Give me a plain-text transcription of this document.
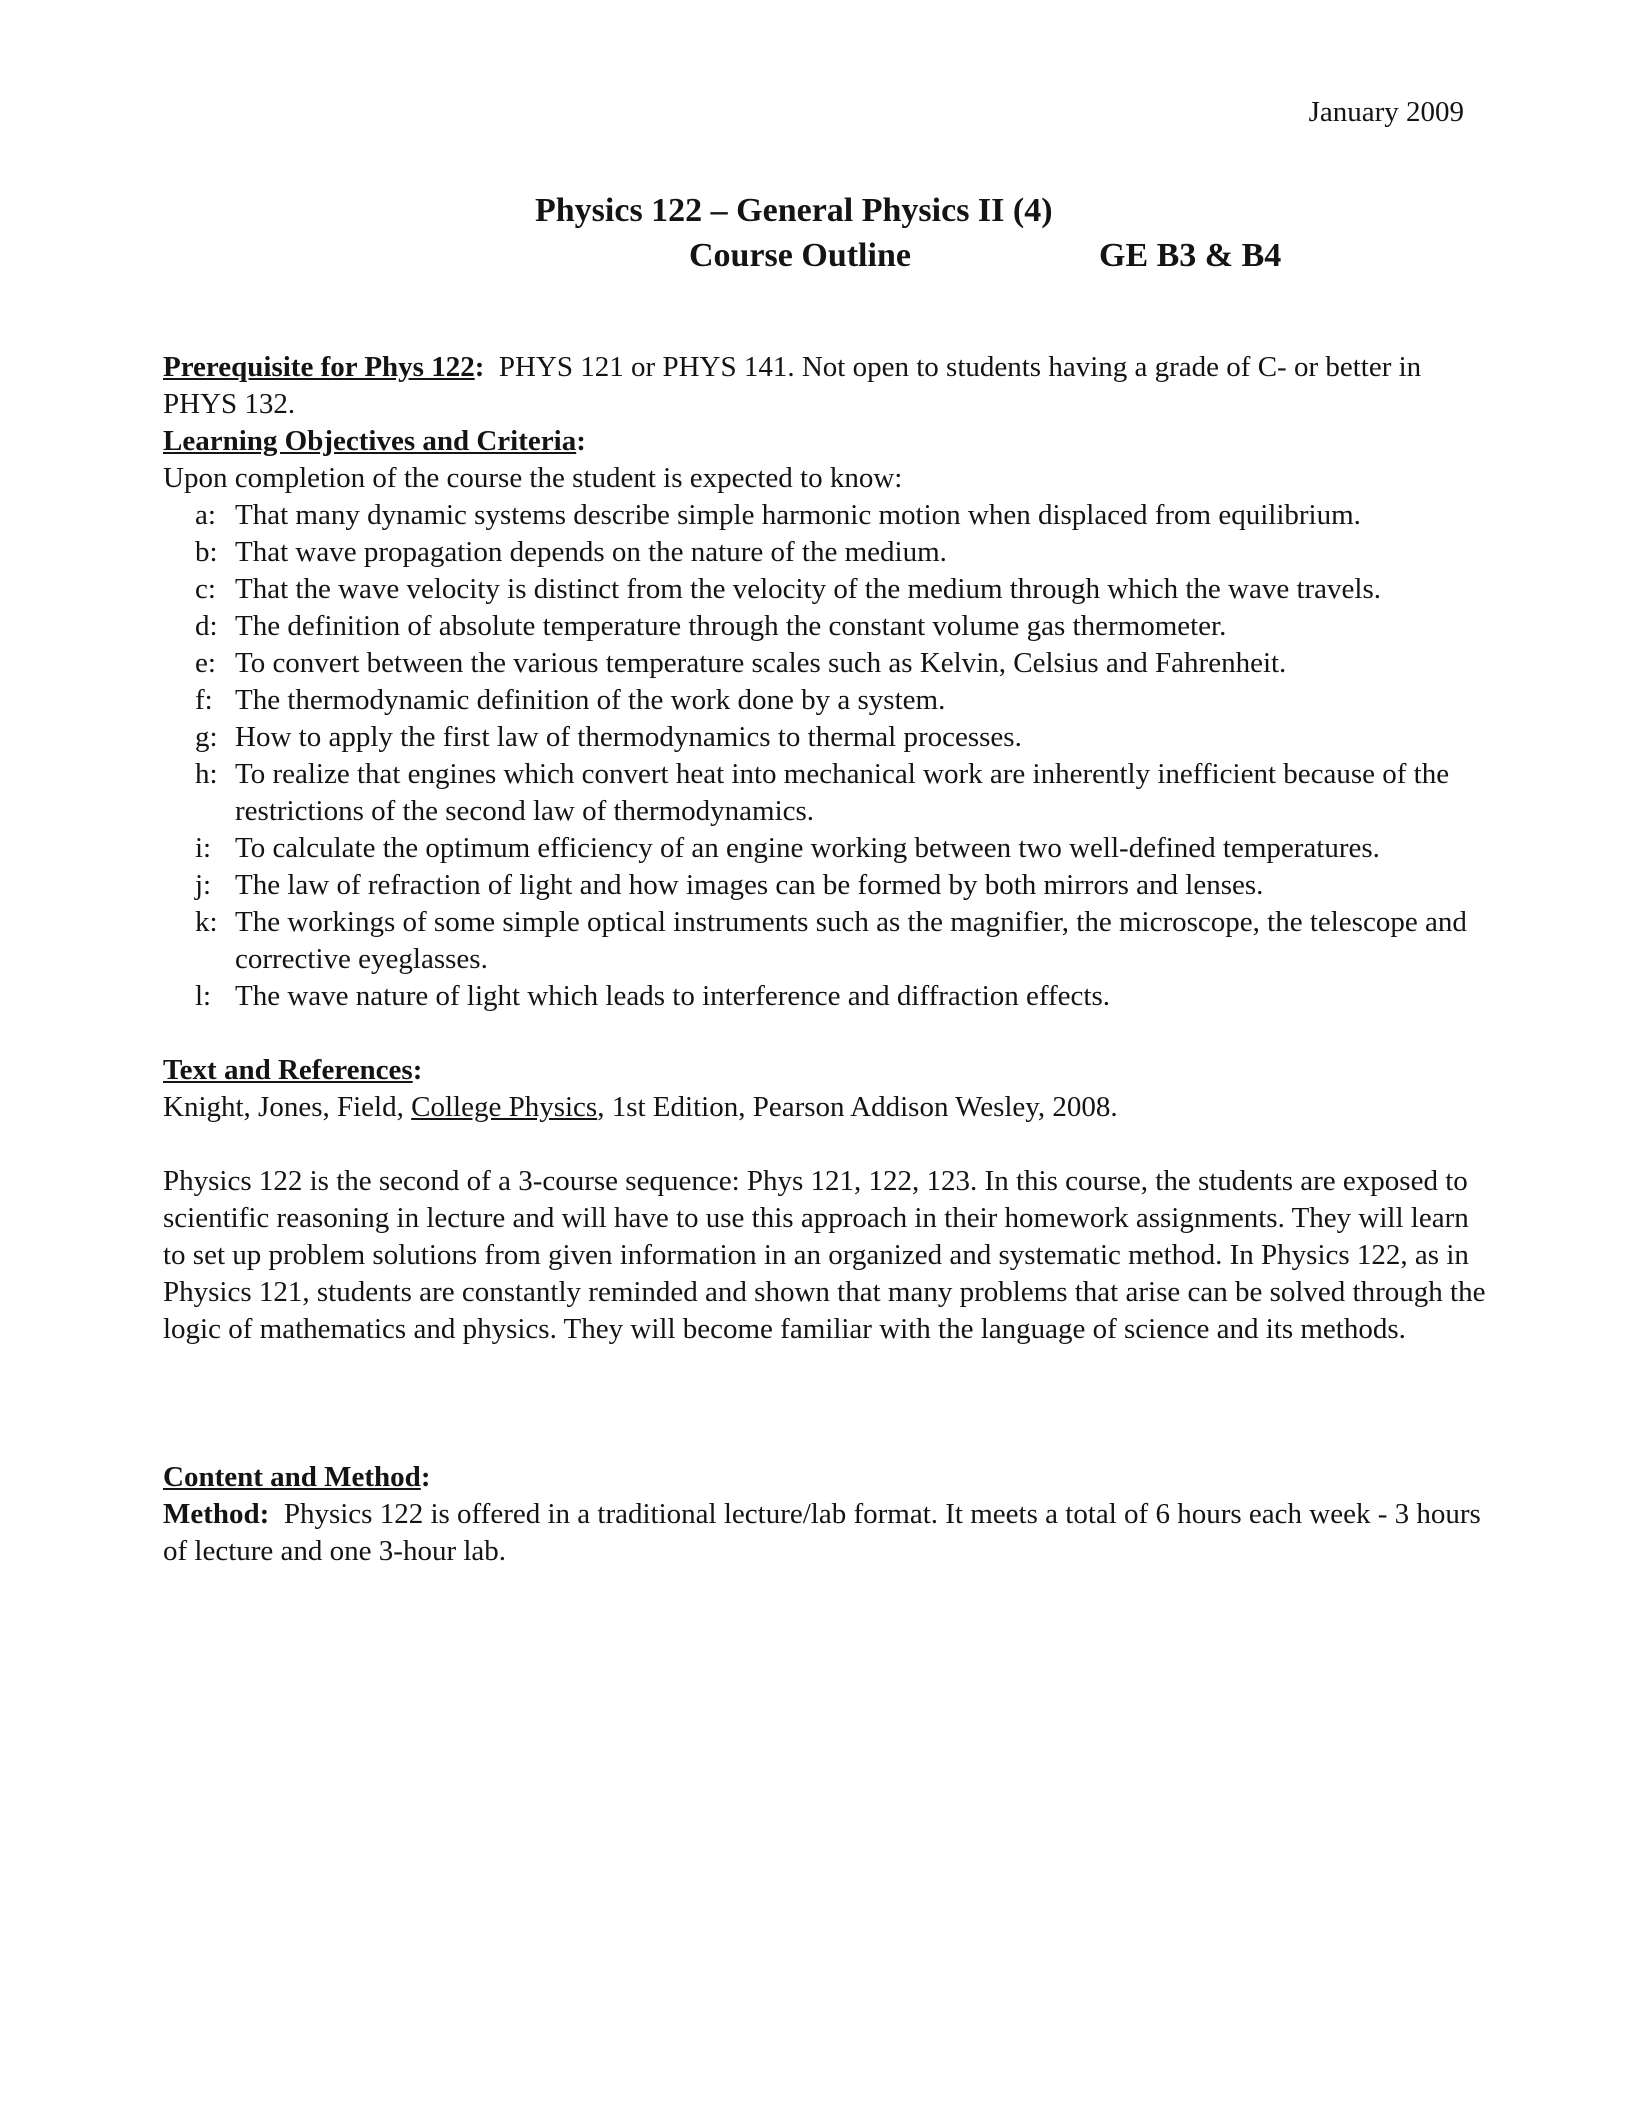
January 2009
Physics 122 – General Physics II (4)
Course Outline	GE B3 & B4

Prerequisite for Phys 122: PHYS 121 or PHYS 141. Not open to students having a grade of C- or better in PHYS 132.

Learning Objectives and Criteria:

Upon completion of the course the student is expected to know:

a: That many dynamic systems describe simple harmonic motion when displaced from equilibrium.
b: That wave propagation depends on the nature of the medium.
c: That the wave velocity is distinct from the velocity of the medium through which the wave travels.
d: The definition of absolute temperature through the constant volume gas thermometer.
e: To convert between the various temperature scales such as Kelvin, Celsius and Fahrenheit.
f: The thermodynamic definition of the work done by a system.
g: How to apply the first law of thermodynamics to thermal processes.
h: To realize that engines which convert heat into mechanical work are inherently inefficient because of the restrictions of the second law of thermodynamics.
i: To calculate the optimum efficiency of an engine working between two well-defined temperatures.
j: The law of refraction of light and how images can be formed by both mirrors and lenses.
k: The workings of some simple optical instruments such as the magnifier, the microscope, the telescope and corrective eyeglasses.
l: The wave nature of light which leads to interference and diffraction effects.

Text and References:

Knight, Jones, Field, College Physics, 1st Edition, Pearson Addison Wesley, 2008.

Physics 122 is the second of a 3-course sequence: Phys 121, 122, 123. In this course, the students are exposed to scientific reasoning in lecture and will have to use this approach in their homework assignments. They will learn to set up problem solutions from given information in an organized and systematic method. In Physics 122, as in Physics 121, students are constantly reminded and shown that many problems that arise can be solved through the logic of mathematics and physics. They will become familiar with the language of science and its methods.

Content and Method:

Method: Physics 122 is offered in a traditional lecture/lab format. It meets a total of 6 hours each week - 3 hours of lecture and one 3-hour lab.
